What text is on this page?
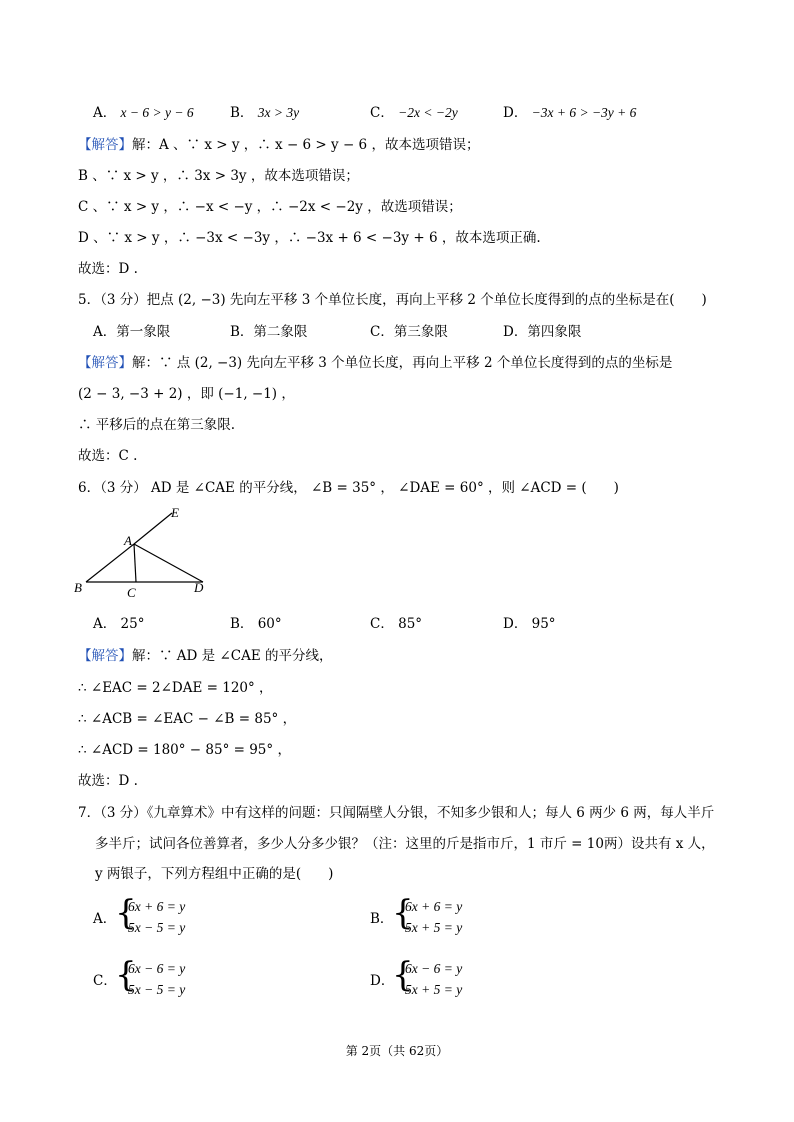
A． x − 6 > y − 6	B． 3x > 3y	C． −2x < −2y	D． −3x + 6 > −3y + 6
【解答】解：A 、∵ x > y ，∴ x − 6 > y − 6 ，故本选项错误；
B 、∵ x > y ，∴ 3x > 3y ，故本选项错误；
C 、∵ x > y ，∴ −x < −y ，∴ −2x < −2y ，故选项错误；
D 、∵ x > y ，∴ −3x < −3y ，∴ −3x + 6 < −3y + 6 ，故本选项正确.
故选：D .
5．（3 分）把点 (2, −3) 先向左平移 3 个单位长度，再向上平移 2 个单位长度得到的点的坐标是在(　　)
A．第一象限	B．第二象限	C．第三象限	D．第四象限
【解答】解：∵ 点 (2, −3) 先向左平移 3 个单位长度，再向上平移 2 个单位长度得到的点的坐标是
(2 − 3, −3 + 2) ，即 (−1, −1) ，
∴ 平移后的点在第三象限.
故选：C .
6．（3 分） AD 是 ∠CAE 的平分线， ∠B = 35° ， ∠DAE = 60° ，则 ∠ACD = (　　)
E
A
B	C	D
A． 25°	B． 60°	C． 85°	D． 95°
【解答】解：∵ AD 是 ∠CAE 的平分线，
∴ ∠EAC = 2∠DAE = 120° ，
∴ ∠ACB = ∠EAC − ∠B = 85° ，
∴ ∠ACD = 180° − 85° = 95° ，
故选：D .
7．（3 分）《九章算术》中有这样的问题：只闻隔壁人分银，不知多少银和人；每人 6 两少 6 两，每人半斤
多半斤；试问各位善算者，多少人分多少银？（注：这里的斤是指市斤，1 市斤 = 10两）设共有 x 人，
y 两银子，下列方程组中正确的是(　　)
A．
{
6x + 6 = y
5x − 5 = y
B．
{
6x + 6 = y
5x + 5 = y
C．
{
6x − 6 = y
5x − 5 = y
D．
{
6x − 6 = y
5x + 5 = y
第 2页（共 62页）
